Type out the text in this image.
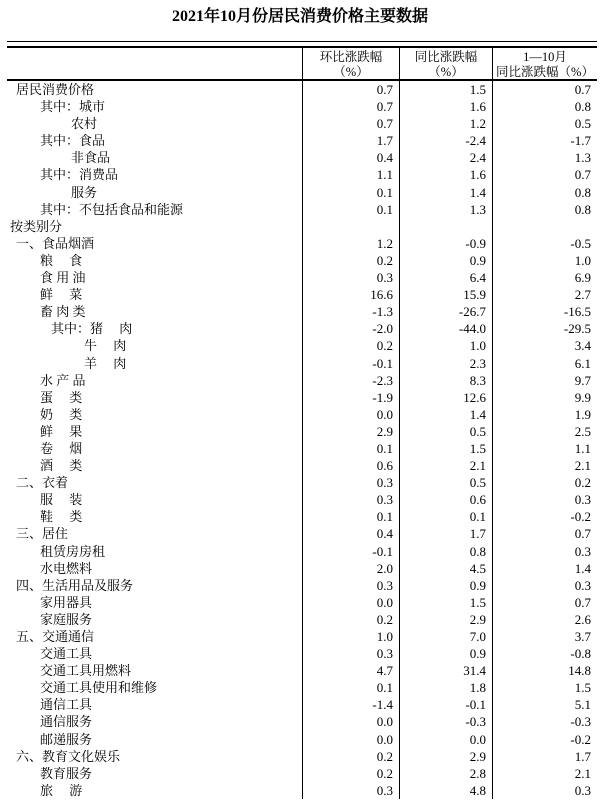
2021年10月份居民消费价格主要数据
环比涨跌幅
（%）
同比涨跌幅
（%）
1—10月
同比涨跌幅（%）
居民消费价格	0.7	1.5	0.7
其中：城市	0.7	1.6	0.8
农村	0.7	1.2	0.5
其中：食品	1.7	-2.4	-1.7
非食品	0.4	2.4	1.3
其中：消费品	1.1	1.6	0.7
服务	0.1	1.4	0.8
其中：不包括食品和能源	0.1	1.3	0.8
按类别分
一、食品烟酒	1.2	-0.9	-0.5
粮　 食	0.2	0.9	1.0
食 用 油	0.3	6.4	6.9
鲜　 菜	16.6	15.9	2.7
畜 肉 类	-1.3	-26.7	-16.5
其中：猪　 肉	-2.0	-44.0	-29.5
牛　 肉	0.2	1.0	3.4
羊　 肉	-0.1	2.3	6.1
水 产 品	-2.3	8.3	9.7
蛋　 类	-1.9	12.6	9.9
奶　 类	0.0	1.4	1.9
鲜　 果	2.9	0.5	2.5
卷　 烟	0.1	1.5	1.1
酒　 类	0.6	2.1	2.1
二、衣着	0.3	0.5	0.2
服　 装	0.3	0.6	0.3
鞋　 类	0.1	0.1	-0.2
三、居住	0.4	1.7	0.7
租赁房房租	-0.1	0.8	0.3
水电燃料	2.0	4.5	1.4
四、生活用品及服务	0.3	0.9	0.3
家用器具	0.0	1.5	0.7
家庭服务	0.2	2.9	2.6
五、交通通信	1.0	7.0	3.7
交通工具	0.3	0.9	-0.8
交通工具用燃料	4.7	31.4	14.8
交通工具使用和维修	0.1	1.8	1.5
通信工具	-1.4	-0.1	5.1
通信服务	0.0	-0.3	-0.3
邮递服务	0.0	0.0	-0.2
六、教育文化娱乐	0.2	2.9	1.7
教育服务	0.2	2.8	2.1
旅　 游	0.3	4.8	0.3
